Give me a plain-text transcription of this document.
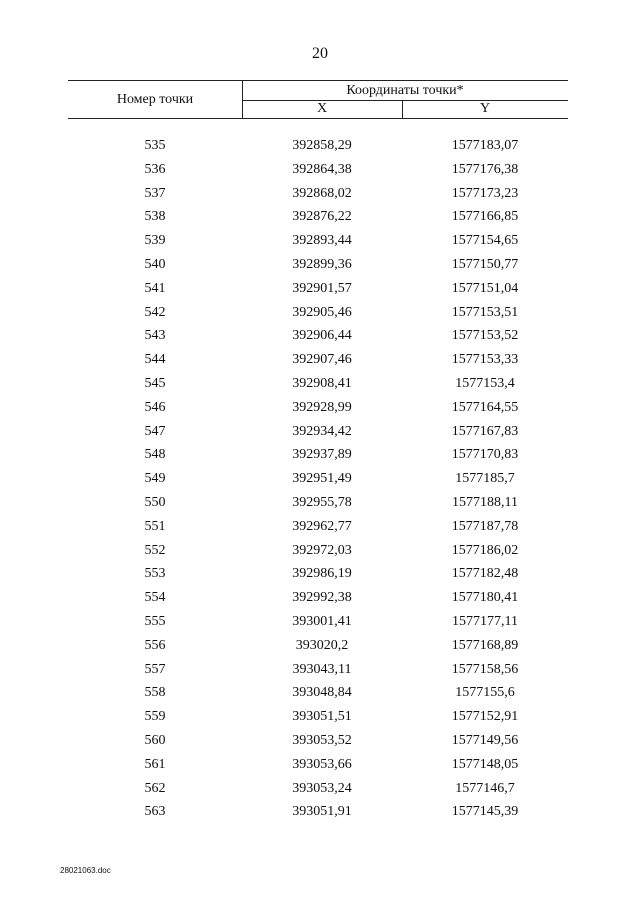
20
Номер точки
Координаты точки*
X	Y
535	392858,29	1577183,07
536	392864,38	1577176,38
537	392868,02	1577173,23
538	392876,22	1577166,85
539	392893,44	1577154,65
540	392899,36	1577150,77
541	392901,57	1577151,04
542	392905,46	1577153,51
543	392906,44	1577153,52
544	392907,46	1577153,33
545	392908,41	1577153,4
546	392928,99	1577164,55
547	392934,42	1577167,83
548	392937,89	1577170,83
549	392951,49	1577185,7
550	392955,78	1577188,11
551	392962,77	1577187,78
552	392972,03	1577186,02
553	392986,19	1577182,48
554	392992,38	1577180,41
555	393001,41	1577177,11
556	393020,2	1577168,89
557	393043,11	1577158,56
558	393048,84	1577155,6
559	393051,51	1577152,91
560	393053,52	1577149,56
561	393053,66	1577148,05
562	393053,24	1577146,7
563	393051,91	1577145,39
28021063.doc
